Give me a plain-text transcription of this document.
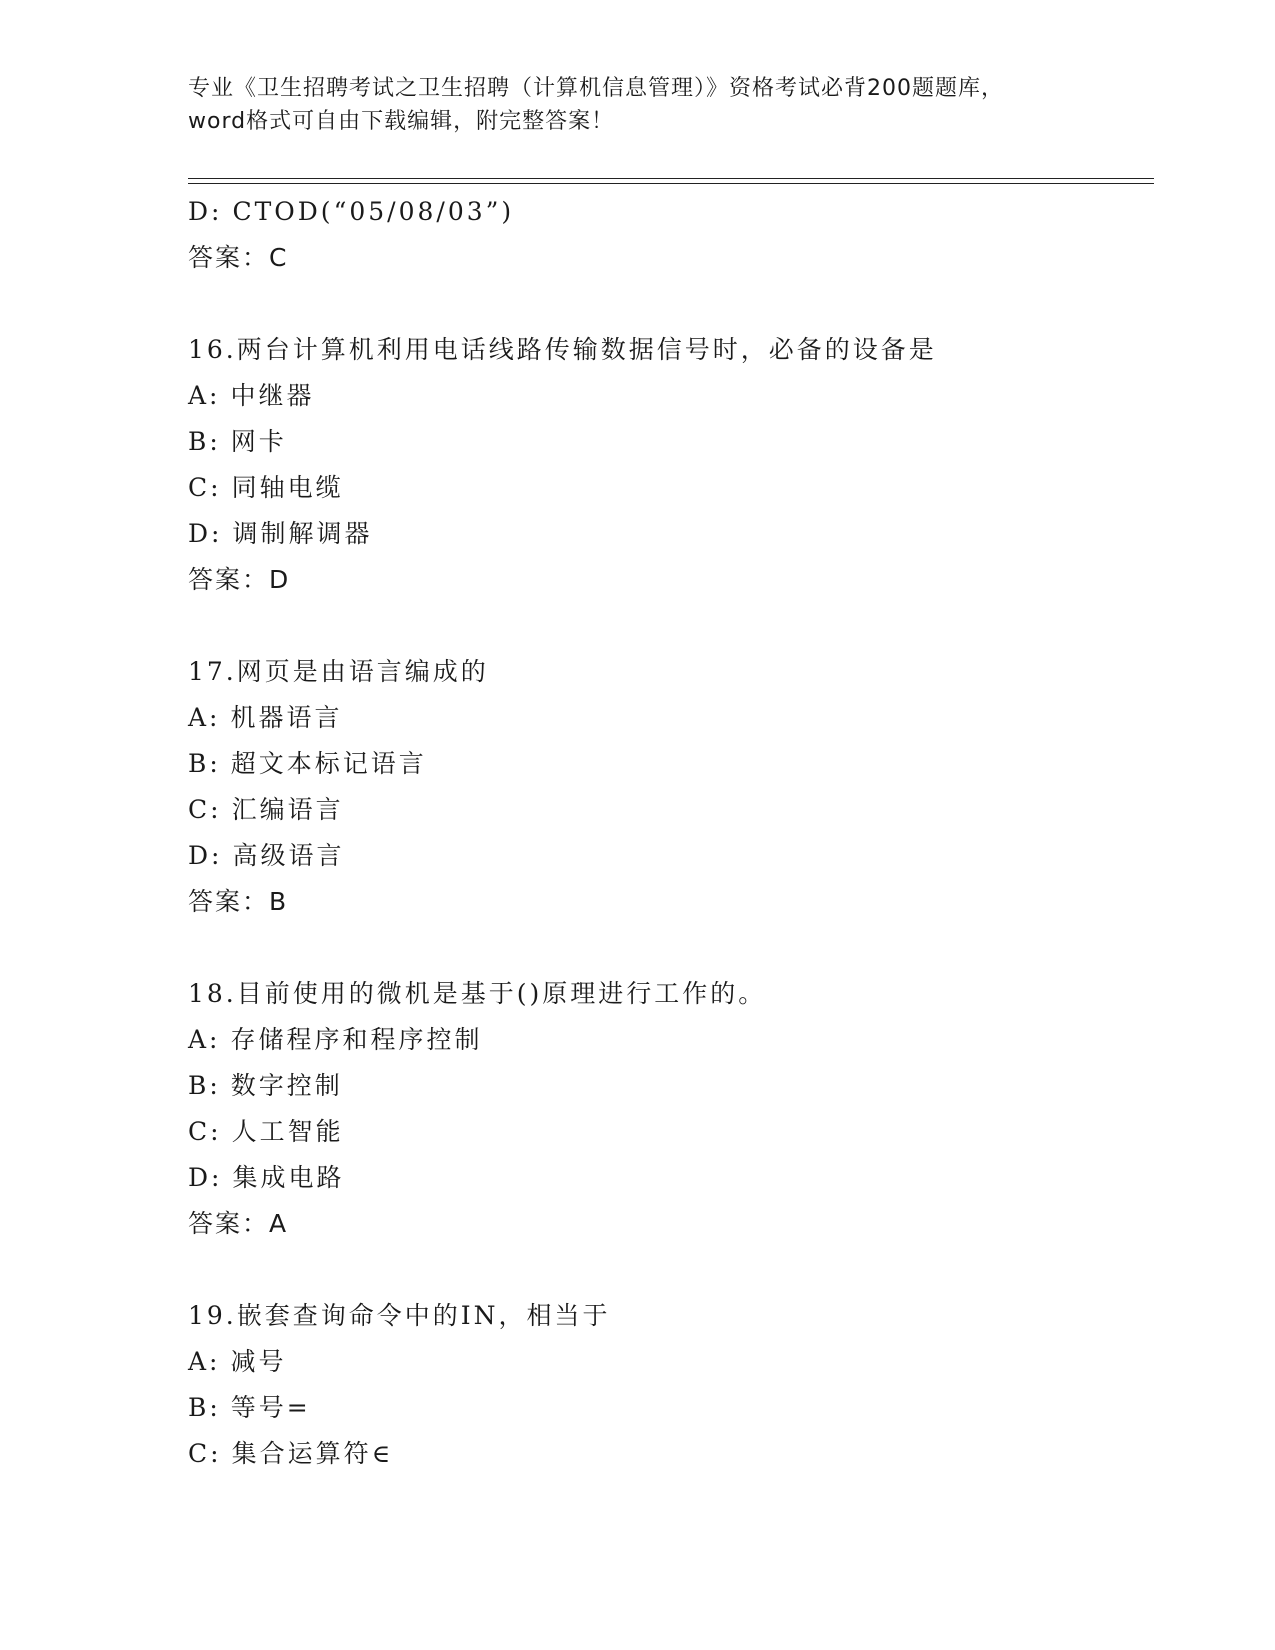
专业《卫生招聘考试之卫生招聘（计算机信息管理）》资格考试必背200题题库，
word格式可自由下载编辑，附完整答案！
D: CTOD(“05/08/03”)
答案：C
16.两台计算机利用电话线路传输数据信号时，必备的设备是
A: 中继器
B: 网卡
C: 同轴电缆
D: 调制解调器
答案：D
17.网页是由语言编成的
A: 机器语言
B: 超文本标记语言
C: 汇编语言
D: 高级语言
答案：B
18.目前使用的微机是基于()原理进行工作的。
A: 存储程序和程序控制
B: 数字控制
C: 人工智能
D: 集成电路
答案：A
19.嵌套查询命令中的IN，相当于
A: 减号
B: 等号=
C: 集合运算符∈
